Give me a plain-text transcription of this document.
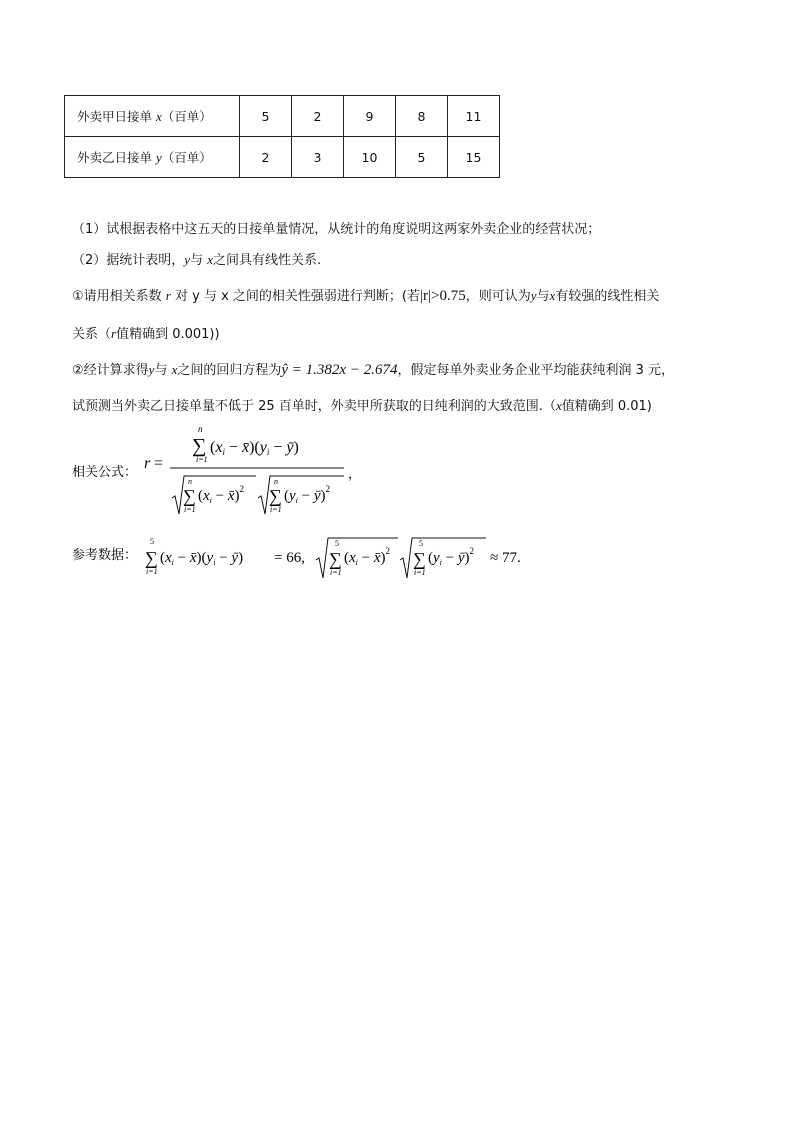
外卖甲日接单 x（百单）	5	2	9	8	11
外卖乙日接单 y（百单）	2	3	10	5	15
（1）试根据表格中这五天的日接单量情况，从统计的角度说明这两家外卖企业的经营状况；
（2）据统计表明，y与 x之间具有线性关系.
①请用相关系数 r 对 y 与 x 之间的相关性强弱进行判断；(若|r|>0.75，则可认为y与x有较强的线性相关
关系（r值精确到 0.001))
②经计算求得y与 x之间的回归方程为ŷ = 1.382x − 2.674，假定每单外卖业务企业平均能获纯利润 3 元，
试预测当外卖乙日接单量不低于 25 百单时，外卖甲所获取的日纯利润的大致范围.（x值精确到 0.01)
相关公式：
r =
n
∑
i=1
(xi − x̄)(yi − ȳ)
n
∑
i=1
($x_i$ − x̄)$^2$
n
∑
i=1
($y_i$ − ȳ)$^2$
，
参考数据：
5
∑
i=1
($x_i$ − $x̄)(y_i$ − ȳ) = 66,
5
∑
i=1
($x_i$ − x̄)$^2$
5
∑
i=1
($y_i$ − ȳ)$^2$ ≈ 77.
